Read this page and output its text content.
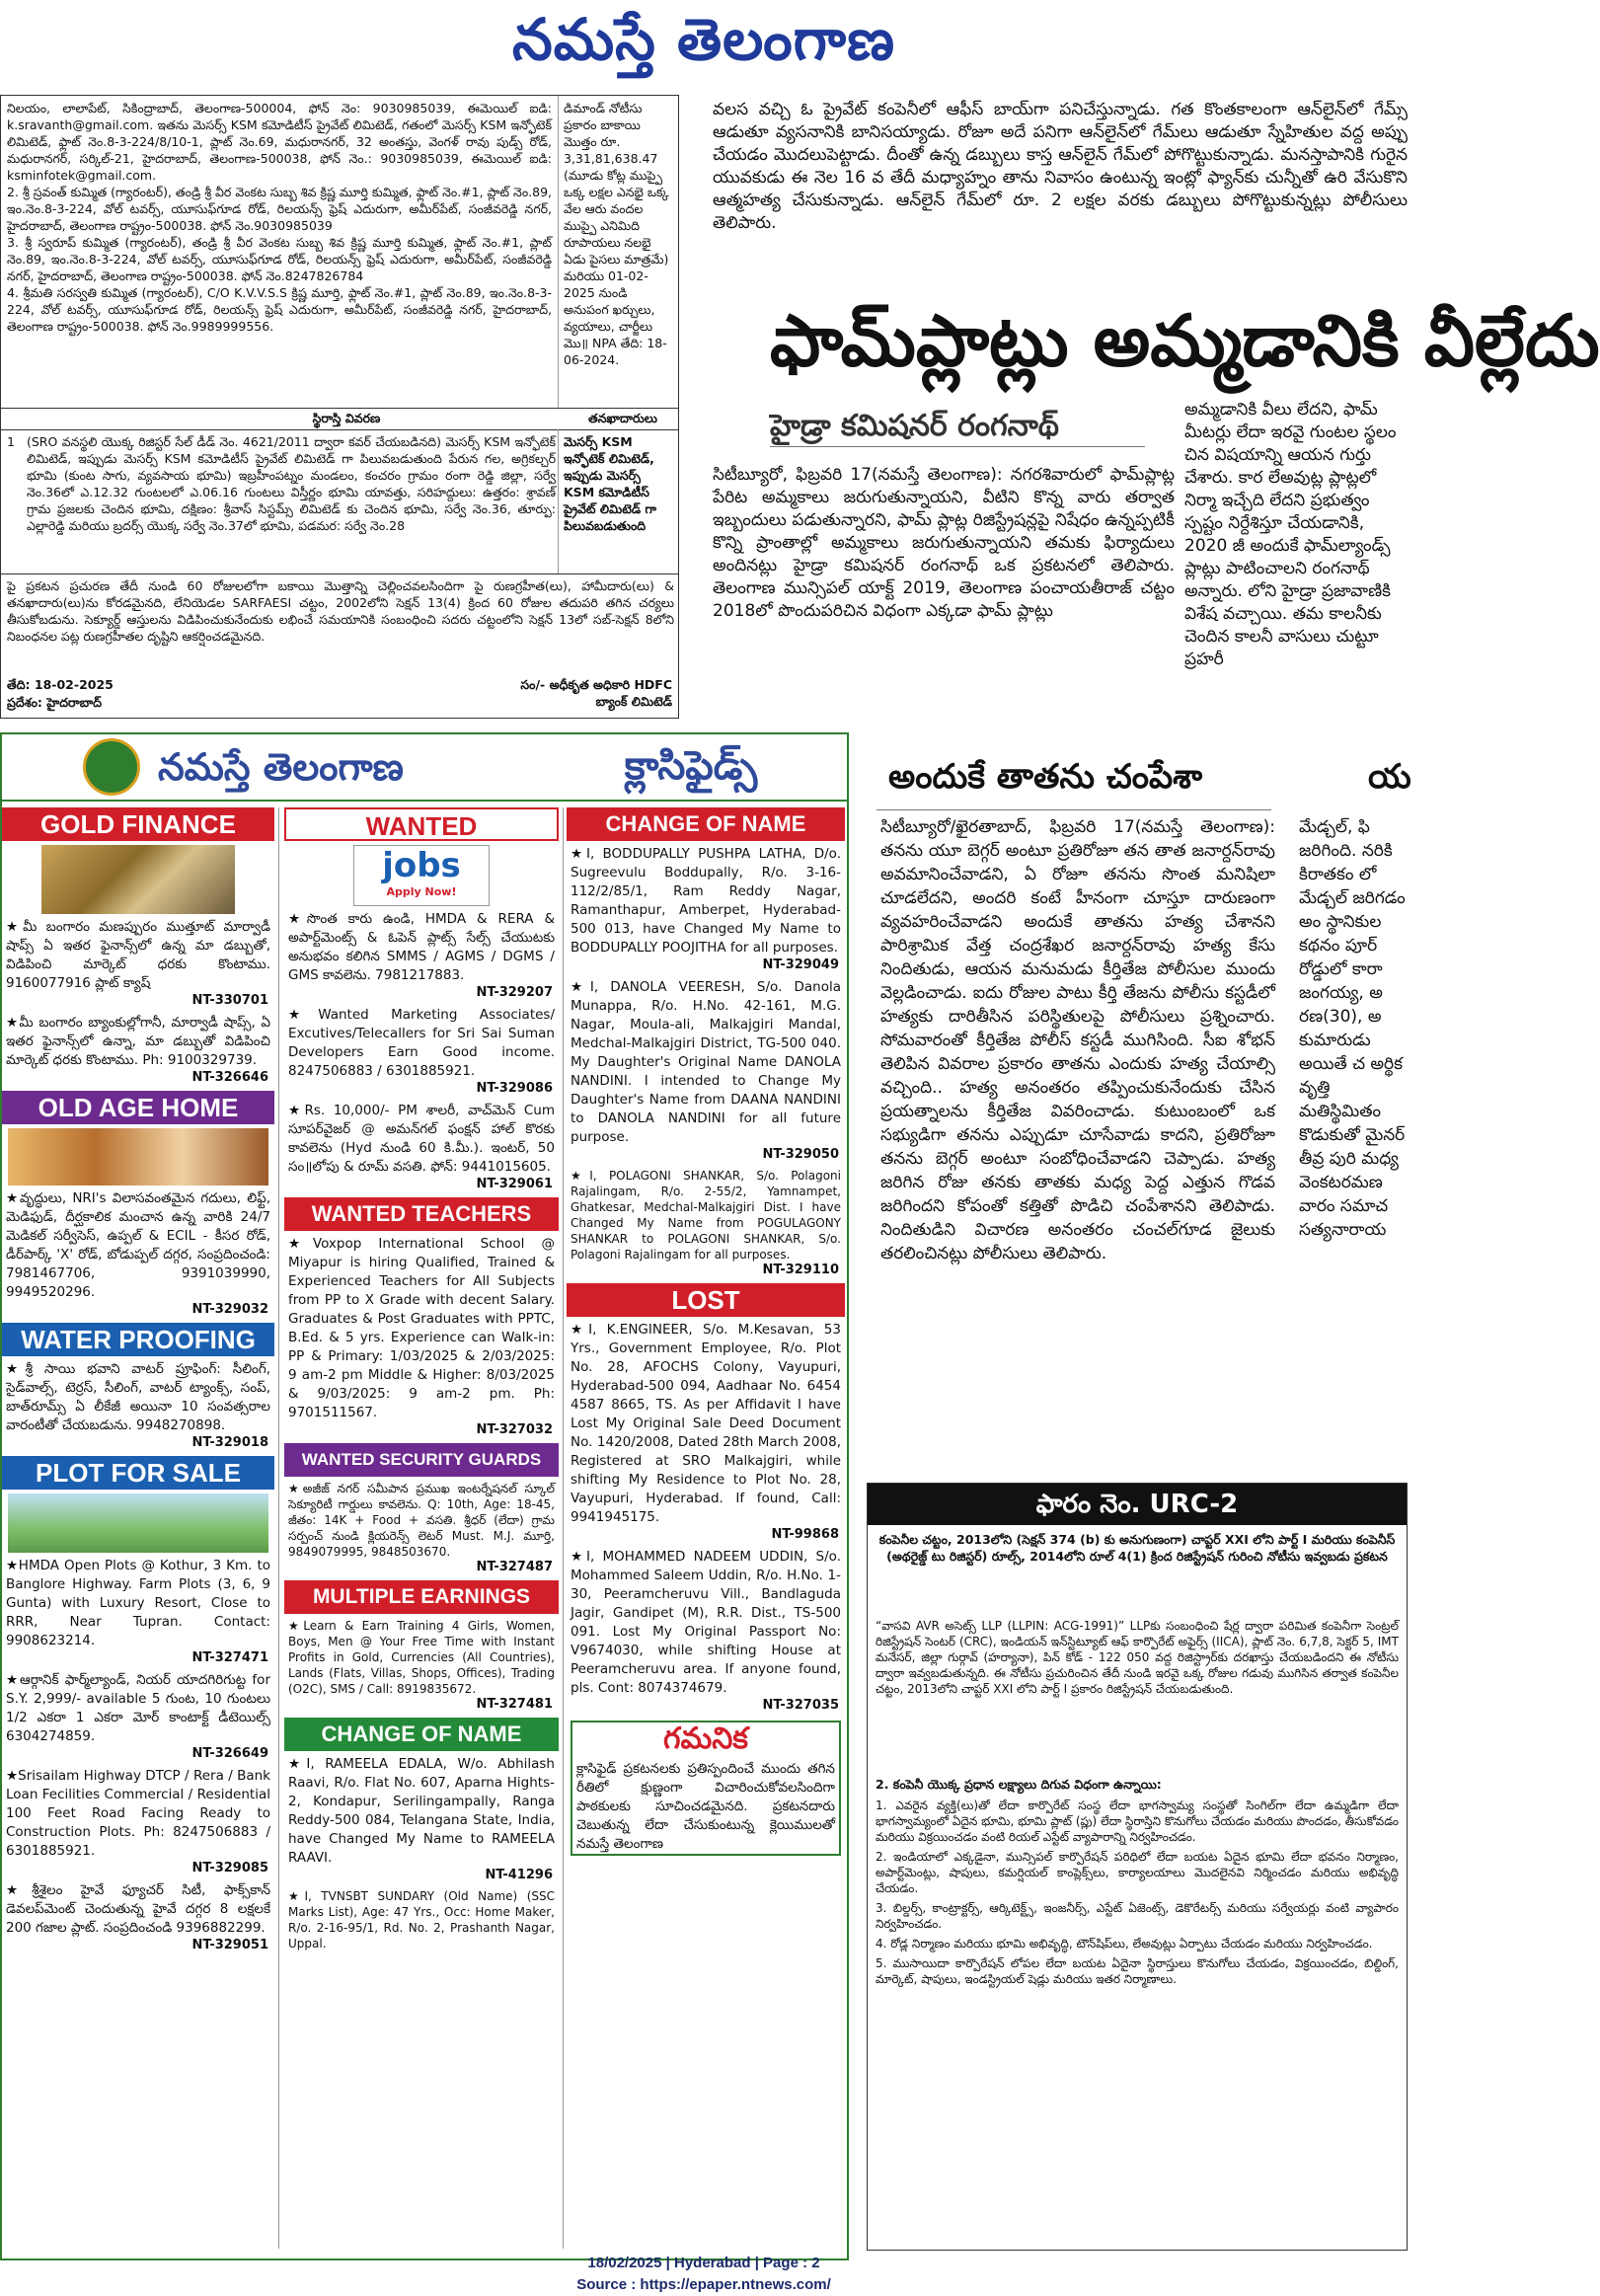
నమస్తే తెలంగాణ

నిలయం, లాలాపేట్, సికింద్రాబాద్, తెలంగాణ-500004, ఫోన్ నెం: 9030985039, ఈమెయిల్ ఐడి: k.sravanth@gmail.com. ఇతను మెసర్స్ KSM కమోడిటీస్ ప్రైవేట్ లిమిటెడ్, గతంలో మెసర్స్ KSM ఇన్ఫోటెక్ లిమిటెడ్, ఫ్లాట్ నెం.8-3-224/8/10-1, ప్లాట్ నెం.69, మధురానగర్, 32 అంతస్తు, వెంగళ్ రావు పుడ్స్ రోడ్, మధురానగర్, సర్కిల్-21, హైదరాబాద్, తెలంగాణ-500038, ఫోన్ నెం.: 9030985039, ఈమెయిల్ ఐడి: ksminfotek@gmail.com.

2. శ్రీ స్రవంత్ కుమ్మిత (గ్యారంటర్), తండ్రి శ్రీ వీర వెంకట సుబ్బ శివ క్రిష్ణ మూర్తి కుమ్మిత, ఫ్లాట్ నెం.#1, ప్లాట్ నెం.89, ఇం.నెం.8-3-224, వోల్ టవర్స్, యూసుఫ్‌గూడ రోడ్, రిలయన్స్ ఫ్రెష్ ఎదురుగా, అమీర్‌పేట్, సంజీవరెడ్డి నగర్, హైదరాబాద్, తెలంగాణ రాష్ట్రం-500038. ఫోన్ నెం.9030985039

3. శ్రీ స్వరూప్ కుమ్మిత (గ్యారంటర్), తండ్రి శ్రీ వీర వెంకట సుబ్బ శివ క్రిష్ణ మూర్తి కుమ్మిత, ఫ్లాట్ నెం.#1, ప్లాట్ నెం.89, ఇం.నెం.8-3-224, వోల్ టవర్స్, యూసుఫ్‌గూడ రోడ్, రిలయన్స్ ఫ్రెష్ ఎదురుగా, అమీర్‌పేట్, సంజీవరెడ్డి నగర్, హైదరాబాద్, తెలంగాణ రాష్ట్రం-500038. ఫోన్ నెం.8247826784

4. శ్రీమతి సరస్వతి కుమ్మిత (గ్యారంటర్), C/O K.V.V.S.S క్రిష్ణ మూర్తి, ఫ్లాట్ నెం.#1, ప్లాట్ నెం.89, ఇం.నెం.8-3-224, వోల్ టవర్స్, యూసుఫ్‌గూడ రోడ్, రిలయన్స్ ఫ్రెష్ ఎదురుగా, అమీర్‌పేట్, సంజీవరెడ్డి నగర్, హైదరాబాద్, తెలంగాణ రాష్ట్రం-500038. ఫోన్ నెం.9989999556.

డిమాండ్ నోటీసు ప్రకారం బాకాయి మొత్తం రూ. 3,31,81,638.47 (మూడు కోట్ల ముప్పై ఒక్క లక్షల ఎనభై ఒక్క వేల ఆరు వందల ముప్పై ఎనిమిది రూపాయలు నలభై ఏడు పైసలు మాత్రమే) మరియు 01-02-2025 నుండి అనుపంగ ఖర్చులు, వ్యయాలు, చార్జీలు మొ॥ NPA తేది: 18-06-2024.
స్థిరాస్తి వివరణ	తనఖాదారులు
1 (SRO వనస్థలి యొక్క రిజిస్టర్ సేల్ డీడ్ నెం. 4621/2011 ద్వారా కవర్ చేయబడినది) మెసర్స్ KSM ఇన్ఫోటెక్ లిమిటెడ్, ఇప్పుడు మెసర్స్ KSM కమోడిటీస్ ప్రైవేట్ లిమిటెడ్ గా పిలువబడుతుంది పేరున గల, అగ్రికల్చర్ భూమి (కుంట సాగు, వ్యవసాయ భూమి) ఇబ్రహీంపట్నం మండలం, కంచరం గ్రామం రంగా రెడ్డి జిల్లా, సర్వే నెం.36లో ఎ.12.32 గుంటలలో ఎ.06.16 గుంటలు విస్తీర్ణం భూమి యావత్తు, సరిహద్దులు: ఉత్తరం: శ్రావణ్ గ్రామ ప్రజలకు చెందిన భూమి, దక్షిణం: శ్రీవాస్ సిస్టమ్స్ లిమిటెడ్ కు చెందిన భూమి, సర్వే నెం.36, తూర్పు: ఎల్లారెడ్డి మరియు బ్రదర్స్ యొక్క సర్వే నెం.37లో భూమి, పడమర: సర్వే నెం.28
మెసర్స్ KSM ఇన్ఫోటెక్ లిమిటెడ్, ఇప్పుడు మెసర్స్ KSM కమోడిటీస్ ప్రైవేట్ లిమిటెడ్ గా పిలువబడుతుంది
పై ప్రకటన ప్రచురణ తేదీ నుండి 60 రోజులలోగా బకాయి మొత్తాన్ని చెల్లించవలసిందిగా పై రుణగ్రహీత(లు), హామీదారు(లు) & తనఖాదారు(లు)ను కోరడమైనది, లేనియెడల SARFAESI చట్టం, 2002లోని సెక్షన్ 13(4) క్రింద 60 రోజుల తదుపరి తగిన చర్యలు తీసుకోబడును. సెక్యూర్డ్ ఆస్తులను విడిపించుకునేందుకు లభించే సమయానికి సంబంధించి సదరు చట్టంలోని సెక్షన్ 13లో సబ్-సెక్షన్ 8లోని నిబంధనల పట్ల రుణగ్రహీతల దృష్టిని ఆకర్షించడమైనది.
తేది: 18-02-2025
ప్రదేశం: హైదరాబాద్
సం/- అధీకృత అధికారి HDFC బ్యాంక్ లిమిటెడ్
వలస వచ్చి ఓ ప్రైవేట్ కంపెనీలో ఆఫీస్ బాయ్‌గా పనిచేస్తున్నాడు. గత కొంతకాలంగా ఆన్‌లైన్‌లో గేమ్స్ ఆడుతూ వ్యసనానికి బానిసయ్యాడు. రోజూ అదే పనిగా ఆన్‌లైన్‌లో గేమ్‌లు ఆడుతూ స్నేహితుల వద్ద అప్పు చేయడం మొదలుపెట్టాడు. దీంతో ఉన్న డబ్బులు కాస్త ఆన్‌లైన్ గేమ్‌లో పోగొట్టుకున్నాడు. మనస్తాపానికి గురైన యువకుడు ఈ నెల 16 వ తేదీ మధ్యాహ్నం తాను నివాసం ఉంటున్న ఇంట్లో ఫ్యాన్‌కు చున్నీతో ఉరి వేసుకొని ఆత్మహత్య చేసుకున్నాడు. ఆన్‌లైన్ గేమ్‌లో రూ. 2 లక్షల వరకు డబ్బులు పోగొట్టుకున్నట్లు పోలీసులు తెలిపారు.
ఫామ్‌ప్లాట్లు అమ్మడానికి వీల్లేదు
హైడ్రా కమిషనర్ రంగనాథ్
సిటీబ్యూరో, ఫిబ్రవరి 17(నమస్తే తెలంగాణ): నగరశివారులో ఫామ్‌ప్లాట్ల పేరిట అమ్మకాలు జరుగుతున్నాయని, వీటిని కొన్న వారు తర్వాత ఇబ్బందులు పడుతున్నారని, ఫామ్ ప్లాట్ల రిజిస్ట్రేషన్లపై నిషేధం ఉన్నప్పటికీ కొన్ని ప్రాంతాల్లో అమ్మకాలు జరుగుతున్నాయని తమకు ఫిర్యాదులు అందినట్లు హైడ్రా కమిషనర్ రంగనాథ్ ఒక ప్రకటనలో తెలిపారు. తెలంగాణ మున్సిపల్ యాక్ట్ 2019, తెలంగాణ పంచాయతీరాజ్ చట్టం 2018లో పొందుపరిచిన విధంగా ఎక్కడా ఫామ్ ప్లాట్లు
అమ్మడానికి వీలు లేదని, ఫామ్ మీటర్లు లేదా ఇరవై గుంటల స్థలం చిన విషయాన్ని ఆయన గుర్తు చేశారు. కార లేఅవుట్ల ప్లాట్లలో నిర్మా ఇచ్చేది లేదని ప్రభుత్వం స్పష్టం నిర్దేశిస్తూ చేయడానికి, 2020 జీ అందుకే ఫామ్‌ల్యాండ్స్ ప్లాట్లు పాటించాలని రంగనాథ్ అన్నారు. లోని హైడ్రా ప్రజావాణికి విశేష వచ్చాయి. తమ కాలనీకు చెందిన కాలనీ వాసులు చుట్టూ ప్రహరీ
అందుకే తాతను చంపేశా
సిటీబ్యూరో/ఖైరతాబాద్, ఫిబ్రవరి 17(నమస్తే తెలంగాణ): తనను యూ బెగ్గర్ అంటూ ప్రతిరోజూ తన తాత జనార్దన్‌రావు అవమానించేవాడని, ఏ రోజూ తనను సొంత మనిషిలా చూడలేదని, అందరి కంటే హీనంగా చూస్తూ దారుణంగా వ్యవహరించేవాడని అందుకే తాతను హత్య చేశానని పారిశ్రామిక వేత్త చంద్రశేఖర జనార్దన్‌రావు హత్య కేసు నిందితుడు, ఆయన మనుమడు కీర్తితేజ పోలీసుల ముందు వెల్లడించాడు. ఐదు రోజుల పాటు కీర్తి తేజను పోలీసు కస్టడీలో హత్యకు దారితీసిన పరిస్థితులపై పోలీసులు ప్రశ్నించారు. సోమవారంతో కీర్తితేజ పోలీస్ కస్టడీ ముగిసింది. సీఐ శోభన్ తెలిపిన వివరాల ప్రకారం తాతను ఎందుకు హత్య చేయాల్సి వచ్చింది.. హత్య అనంతరం తప్పించుకునేందుకు చేసిన ప్రయత్నాలను కీర్తితేజ వివరించాడు. కుటుంబంలో ఒక సభ్యుడిగా తనను ఎప్పుడూ చూసేవాడు కాదని, ప్రతిరోజూ తనను బెగ్గర్ అంటూ సంబోధించేవాడని చెప్పాడు. హత్య జరిగిన రోజు తనకు తాతకు మధ్య పెద్ద ఎత్తున గొడవ జరిగిందని కోపంతో కత్తితో పొడిచి చంపేశానని తెలిపాడు. నిందితుడిని విచారణ అనంతరం చంచల్‌గూడ జైలుకు తరలించినట్లు పోలీసులు తెలిపారు.
య
మేడ్చల్, ఫి జరిగింది. నరికి కిరాతకం లో మేడ్చల్ జరిగడం అం స్థానికుల కథనం పూర్ రోడ్డులో కారా జంగయ్య, అ రణ(30), అ కుమారుడు అయితే చ అర్థిక వృత్తి మతిస్థిమితం కొడుకుతో మైనర్ తీవ్ర పురి మధ్య వెంకటరమణ వారం సమాచ సత్యనారాయ
ఫారం నెం. URC-2
కంపెనీల చట్టం, 2013లోని (సెక్షన్ 374 (b) కు అనుగుణంగా) చాప్టర్ XXI లోని పార్ట్ I మరియు కంపెనీస్ (అథరైజ్డ్ టు రిజిస్టర్) రూల్స్, 2014లోని రూల్ 4(1) క్రింద రిజిస్ట్రేషన్ గురించి నోటీసు ఇవ్వబడు ప్రకటన
“వాసవి AVR అసెట్స్ LLP (LLPIN: ACG-1991)” LLPకు సంబంధించి షేర్ల ద్వారా పరిమిత కంపెనీగా సెంట్రల్ రిజిస్ట్రేషన్ సెంటర్ (CRC), ఇండియన్ ఇన్‌స్టిట్యూట్ ఆఫ్ కార్పొరేట్ అఫైర్స్ (IICA), ప్లాట్ నెం. 6,7,8, సెక్టర్ 5, IMT మనేసర్, జిల్లా గుర్గావ్ (హర్యానా), పిన్ కోడ్ - 122 050 వద్ద రిజిస్ట్రార్‌కు దరఖాస్తు చేయబడిందని ఈ నోటీసు ద్వారా ఇవ్వబడుతున్నది. ఈ నోటీసు ప్రచురించిన తేదీ నుండి ఇరవై ఒక్క రోజుల గడువు ముగిసిన తర్వాత కంపెనీల చట్టం, 2013లోని చాప్టర్ XXI లోని పార్ట్ I ప్రకారం రిజిస్ట్రేషన్ చేయబడుతుంది.
2. కంపెనీ యొక్క ప్రధాన లక్ష్యాలు దిగువ విధంగా ఉన్నాయి:

1. ఎవరైన వ్యక్తి(లు)తో లేదా కార్పొరేట్ సంస్థ లేదా భాగస్వామ్య సంస్థతో సింగిల్‌గా లేదా ఉమ్మడిగా లేదా భాగస్వామ్యంలో ఏదైన భూమి, భూమి ప్లాట్ (ప్లు) లేదా స్థిరాస్తిని కొనుగోలు చేయడం మరియు పొందడం, తీసుకోవడం మరియు విక్రయించడం వంటి రియల్ ఎస్టేట్ వ్యాపారాన్ని నిర్వహించడం.

2. ఇండియాలో ఎక్కడైనా, మున్సిపల్ కార్పొరేషన్ పరిధిలో లేదా బయట ఏదైన భూమి లేదా భవనం నిర్మాణం, అపార్ట్‌మెంట్లు, షాపులు, కమర్షియల్ కాంప్లెక్స్‌లు, కార్యాలయాలు మొదలైనవి నిర్మించడం మరియు అభివృద్ధి చేయడం.

3. బిల్డర్స్, కాంట్రాక్టర్స్, ఆర్కిటెక్ట్స్, ఇంజనీర్స్, ఎస్టేట్ ఏజెంట్స్, డెకొరేటర్స్ మరియు సర్వేయర్లు వంటి వ్యాపారం నిర్వహించడం.

4. రోడ్ల నిర్మాణం మరియు భూమి అభివృద్ధి, టౌన్‌షిప్‌లు, లేఅవుట్లు ఏర్పాటు చేయడం మరియు నిర్వహించడం.

5. ముసాయిదా కార్పొరేషన్ లోపల లేదా బయట ఏదైనా స్థిరాస్తులు కొనుగోలు చేయడం, విక్రయించడం, బిల్డింగ్, మార్కెట్, షాపులు, ఇండస్ట్రియల్ షెడ్లు మరియు ఇతర నిర్మాణాలు.

నమస్తే తెలంగాణ	క్లాసిఫైడ్స్
GOLD FINANCE
★మీ బంగారం మణప్పురం ముత్తూట్ మార్వాడీ షాప్స్ ఏ ఇతర ఫైనాన్స్‌లో ఉన్న మా డబ్బుతో, విడిపించి మార్కెట్ ధరకు కొంటాము. 9160077916 ప్లాట్ క్యాష్
NT-330701
★మీ బంగారం బ్యాంకుల్లోగానీ, మార్వాడీ షాప్స్, ఏ ఇతర ఫైనాన్స్‌లో ఉన్నా, మా డబ్బుతో విడిపించి మార్కెట్ ధరకు కొంటాము. Ph: 9100329739.
NT-326646
OLD AGE HOME
★వృద్ధులు, NRI's విలాసవంతమైన గదులు, లిఫ్ట్, మెడిఫుడ్, దీర్ఘకాలిక మంచాన ఉన్న వారికి 24/7 మెడికల్ సర్వీసెస్, ఉప్పల్ & ECIL - కీసర రోడ్, డీర్‌పార్క్ 'X' రోడ్, బోడుప్పల్ దగ్గర, సంప్రదించండి: 7981467706, 9391039990, 9949520296.
NT-329032
WATER PROOFING
★శ్రీ సాయి భవాని వాటర్ ప్రూఫింగ్: సీలింగ్, సైడ్‌వాల్స్, టెర్రస్, సీలింగ్, వాటర్ ట్యాంక్స్, సంప్, బాత్‌రూమ్స్ ఏ లీకేజీ అయినా 10 సంవత్సరాల వారంటీతో చేయబడును. 9948270898.
NT-329018
PLOT FOR SALE
★HMDA Open Plots @ Kothur, 3 Km. to Banglore Highway. Farm Plots (3, 6, 9 Gunta) with Luxury Resort, Close to RRR, Near Tupran. Contact: 9908623214.
NT-327471
★ఆర్గానిక్ ఫార్మ్‌ల్యాండ్, నియర్ యాదగిరిగుట్ట for S.Y. 2,999/- available 5 గుంట, 10 గుంటలు 1/2 ఎకరా 1 ఎకరా మోర్ కాంటాక్ట్ డీటెయిల్స్ 6304274859.
NT-326649
★Srisailam Highway DTCP / Rera / Bank Loan Fecilities Commercial / Residential 100 Feet Road Facing Ready to Construction Plots. Ph: 8247506883 / 6301885921.
NT-329085
★శ్రీశైలం హైవే ఫ్యూచర్ సిటీ, ఫాక్స్‌కాన్ డెవలప్‌మెంట్ చెందుతున్న హైవే దగ్గర 8 లక్షలకే 200 గజాల ప్లాట్. సంప్రదించండి 9396882299.
NT-329051
WANTED
jobs
Apply Now!
★సొంత కారు ఉండి, HMDA & RERA & అపార్ట్‌మెంట్స్ & ఓపెన్ ప్లాట్స్ సేల్స్ చేయుటకు అనుభవం కలిగిన SMMS / AGMS / DGMS / GMS కావలెను. 7981217883.
NT-329207
★Wanted Marketing Associates/ Excutives/Telecallers for Sri Sai Suman Developers Earn Good income. 8247506883 / 6301885921.
NT-329086
★Rs. 10,000/- PM శాలరీ, వాచ్‌మెన్ Cum సూపర్‌వైజర్ @ అమన్‌గల్ ఫంక్షన్ హాల్ కొరకు కావలెను (Hyd నుండి 60 కి.మీ.). ఇంటర్, 50 సం॥లోపు & రూమ్ వసతి. ఫోన్: 9441015605.
NT-329061
WANTED TEACHERS
★Voxpop International School @ Miyapur is hiring Qualified, Trained & Experienced Teachers for All Subjects from PP to X Grade with decent Salary. Graduates & Post Graduates with PPTC, B.Ed. & 5 yrs. Experience can Walk-in: PP & Primary: 1/03/2025 & 2/03/2025: 9 am-2 pm Middle & Higher: 8/03/2025 & 9/03/2025: 9 am-2 pm. Ph: 9701511567.
NT-327032
WANTED SECURITY GUARDS
★అజీజ్ నగర్ సమీపాన ప్రముఖ ఇంటర్నేషనల్ స్కూల్ సెక్యూరిటీ గార్డులు కావలెను. Q: 10th, Age: 18-45, జీతం: 14K + Food + వసతి. శ్రీధర్ (లేదా) గ్రామ సర్పంచ్ నుండి క్లియరెన్స్ లెటర్ Must. M.J. మూర్తి, 9849079995, 9848503670.
NT-327487
MULTIPLE EARNINGS
★Learn & Earn Training 4 Girls, Women, Boys, Men @ Your Free Time with Instant Profits in Gold, Currencies (All Countries), Lands (Flats, Villas, Shops, Offices), Trading (O2C), SMS / Call: 8919835672.
NT-327481
CHANGE OF NAME
★I, RAMEELA EDALA, W/o. Abhilash Raavi, R/o. Flat No. 607, Aparna Hights-2, Kondapur, Serilingampally, Ranga Reddy-500 084, Telangana State, India, have Changed My Name to RAMEELA RAAVI.
NT-41296
★I, TVNSBT SUNDARY (Old Name) (SSC Marks List), Age: 47 Yrs., Occ: Home Maker, R/o. 2-16-95/1, Rd. No. 2, Prashanth Nagar, Uppal.
CHANGE OF NAME
★I, BODDUPALLY PUSHPA LATHA, D/o. Sugreevulu Boddupally, R/o. 3-16-112/2/85/1, Ram Reddy Nagar, Ramanthapur, Amberpet, Hyderabad-500 013, have Changed My Name to BODDUPALLY POOJITHA for all purposes.
NT-329049
★I, DANOLA VEERESH, S/o. Danola Munappa, R/o. H.No. 42-161, M.G. Nagar, Moula-ali, Malkajgiri Mandal, Medchal-Malkajgiri District, TG-500 040. My Daughter's Original Name DANOLA NANDINI. I intended to Change My Daughter's Name from DAANA NANDINI to DANOLA NANDINI for all future purpose.
NT-329050
★I, POLAGONI SHANKAR, S/o. Polagoni Rajalingam, R/o. 2-55/2, Yamnampet, Ghatkesar, Medchal-Malkajgiri Dist. I have Changed My Name from POGULAGONY SHANKAR to POLAGONI SHANKAR, S/o. Polagoni Rajalingam for all purposes.
NT-329110
LOST
★I, K.ENGINEER, S/o. M.Kesavan, 53 Yrs., Government Employee, R/o. Plot No. 28, AFOCHS Colony, Vayupuri, Hyderabad-500 094, Aadhaar No. 6454 4587 8665, TS. As per Affidavit I have Lost My Original Sale Deed Document No. 1420/2008, Dated 28th March 2008, Registered at SRO Malkajgiri, while shifting My Residence to Plot No. 28, Vayupuri, Hyderabad. If found, Call: 9941945175.
NT-99868
★I, MOHAMMED NADEEM UDDIN, S/o. Mohammed Saleem Uddin, R/o. H.No. 1-30, Peeramcheruvu Vill., Bandlaguda Jagir, Gandipet (M), R.R. Dist., TS-500 091. Lost My Original Passport No: V9674030, while shifting House at Peeramcheruvu area. If anyone found, pls. Cont: 8074374679.
NT-327035
గమనిక
క్లాసిఫైడ్ ప్రకటనలకు ప్రతిస్పందించే ముందు తగిన రీతిలో క్షుణ్ణంగా విచారించుకోవలసిందిగా పాఠకులకు సూచించడమైనది. ప్రకటనదారు చెబుతున్న లేదా చేసుకుంటున్న క్లెయిములతో నమస్తే తెలంగాణ
18/02/2025 | Hyderabad | Page : 2
Source : https://epaper.ntnews.com/
